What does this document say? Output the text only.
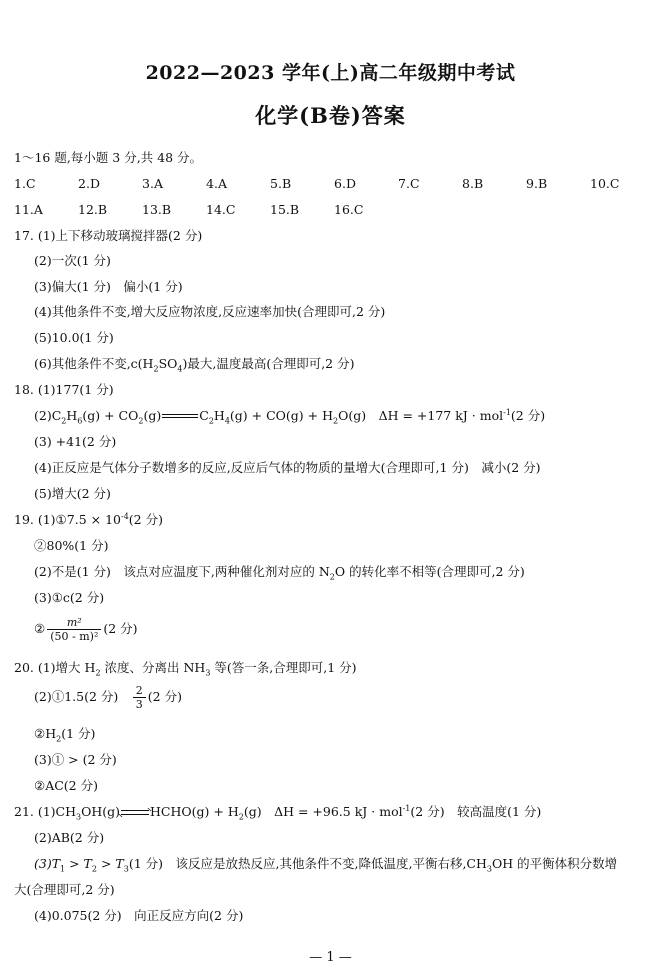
2022—2023 学年(上)高二年级期中考试
化学(B卷)答案
1～16 题,每小题 3 分,共 48 分。
1.C	2.D	3.A	4.A	5.B	6.D	7.C	8.B	9.B	10.C
11.A	12.B	13.B	14.C	15.B	16.C
17. (1)上下移动玻璃搅拌器(2 分)
(2)一次(1 分)
(3)偏大(1 分)　偏小(1 分)
(4)其他条件不变,增大反应物浓度,反应速率加快(合理即可,2 分)
(5)10.0(1 分)
(6)其他条件不变$,c(H_2SO_4)$最大,温度最高(合理即可,2 分)
18. (1)177(1 分)
$(2)C_2H_6(g) + CO_2(g)$	$C_2H_4(g) + CO(g) + H_2O(g)$　ΔH = +177 kJ · mol$^{-1}$(2 分)
(3) +41(2 分)
(4)正反应是气体分子数增多的反应,反应后气体的物质的量增大(合理即可,1 分)　减小(2 分)
(5)增大(2 分)
19. (1)①7.5 × $10^{-4}(2$ 分)
②80%(1 分)
(2)不是(1 分)　该点对应温度下,两种催化剂对应的 $N_2O$ 的转化率不相等(合理即可,2 分)
(3)①c(2 分)
② $\frac{\text{m²}}{\text{(50 - m)²}} (2$ 分)
20. (1)增大 $H_2$ 浓度、分离出 $NH_3$ 等(答一条,合理即可,1 分)
(2)①1.5(2 分)　 $\frac{2}{3} (2$ 分)
$②H_2(1$ 分)
(3)① > (2 分)
②AC(2 分)
21. $(1)CH_3OH(g)$ HCHO(g) + $H_2(g)$　ΔH = +96.5 kJ · mol$^{-1}$(2 分)　较高温度(1 分)
(2)AB(2 分)
$(3)T_1 > T_2 > T_3(1$ 分)　该反应是放热反应,其他条件不变,降低温度,平衡右移$,CH_3OH$ 的平衡体积分数增
大(合理即可,2 分)
(4)0.075(2 分)　向正反应方向(2 分)
— 1 —
